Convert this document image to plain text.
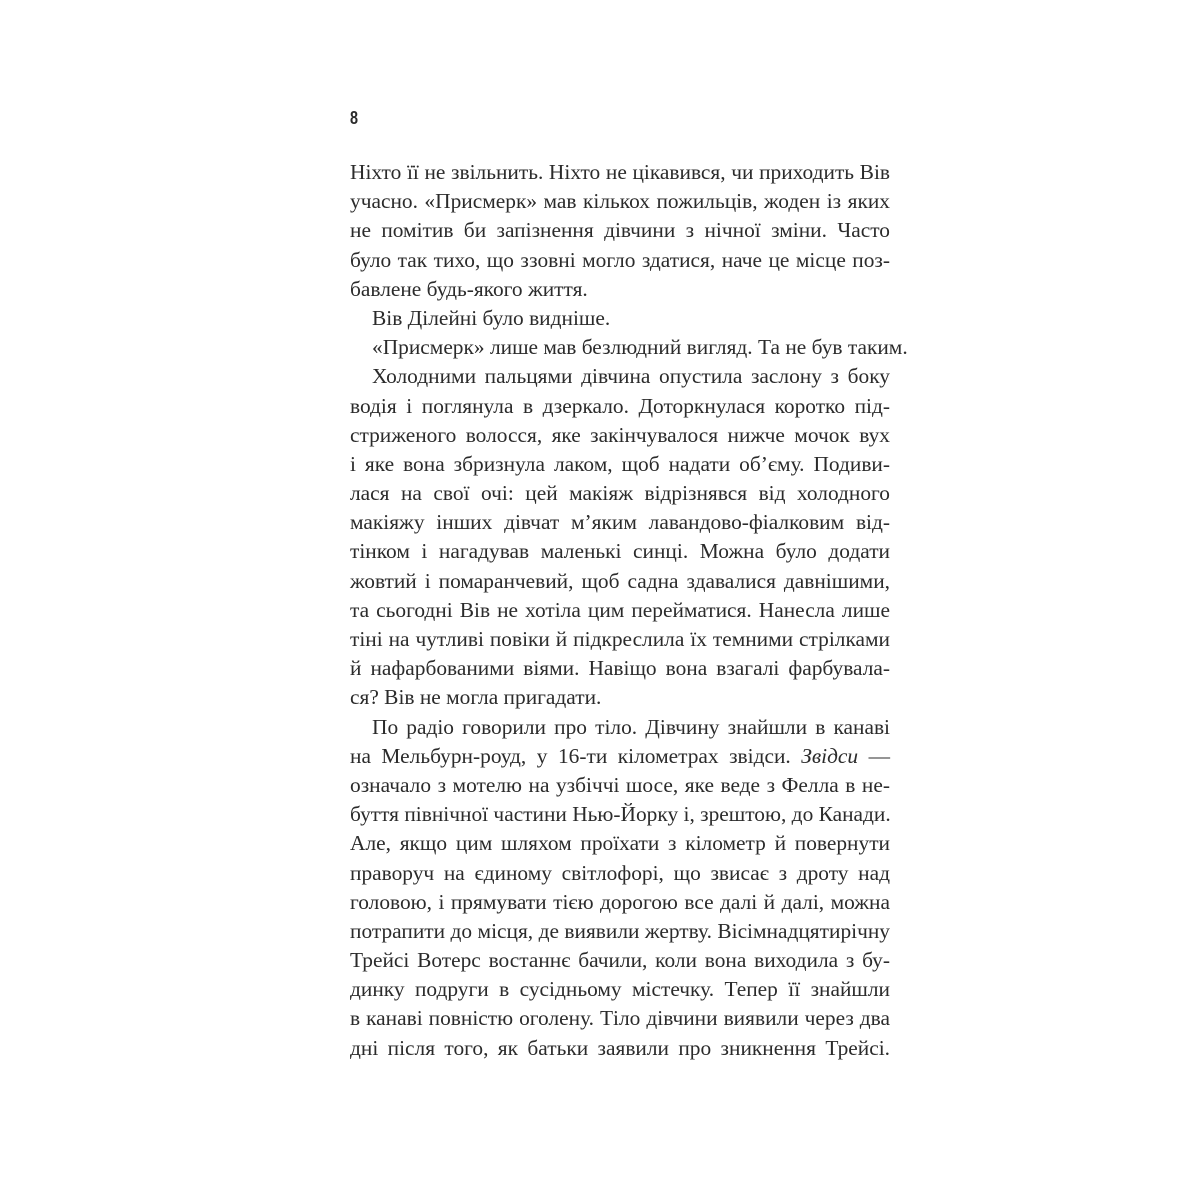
8
Ніхто її не звільнить. Ніхто не цікавився, чи приходить Вів
учасно. «Присмерк» мав кількох пожильців, жоден із яких
не помітив би запізнення дівчини з нічної зміни. Часто
було так тихо, що ззовні могло здатися, наче це місце поз-
бавлене будь-якого життя.
Вів Ділейні було видніше.
«Присмерк» лише мав безлюдний вигляд. Та не був таким.
Холодними пальцями дівчина опустила заслону з боку
водія і поглянула в дзеркало. Доторкнулася коротко під-
стриженого волосся, яке закінчувалося нижче мочок вух
і яке вона збризнула лаком, щоб надати об’єму. Подиви-
лася на свої очі: цей макіяж відрізнявся від холодного
макіяжу інших дівчат м’яким лавандово-фіалковим від-
тінком і нагадував маленькі синці. Можна було додати
жовтий і помаранчевий, щоб садна здавалися давнішими,
та сьогодні Вів не хотіла цим перейматися. Нанесла лише
тіні на чутливі повіки й підкреслила їх темними стрілками
й нафарбованими віями. Навіщо вона взагалі фарбувала-
ся? Вів не могла пригадати.
По радіо говорили про тіло. Дівчину знайшли в канаві
на Мельбурн-роуд, у 16-ти кілометрах звідси. Звідси —
означало з мотелю на узбіччі шосе, яке веде з Фелла в не-
буття північної частини Нью-Йорку і, зрештою, до Канади.
Але, якщо цим шляхом проїхати з кілометр й повернути
праворуч на єдиному світлофорі, що звисає з дроту над
головою, і прямувати тією дорогою все далі й далі, можна
потрапити до місця, де виявили жертву. Вісімнадцятирічну
Трейсі Вотерс востаннє бачили, коли вона виходила з бу-
динку подруги в сусідньому містечку. Тепер її знайшли
в канаві повністю оголену. Тіло дівчини виявили через два
дні після того, як батьки заявили про зникнення Трейсі.
